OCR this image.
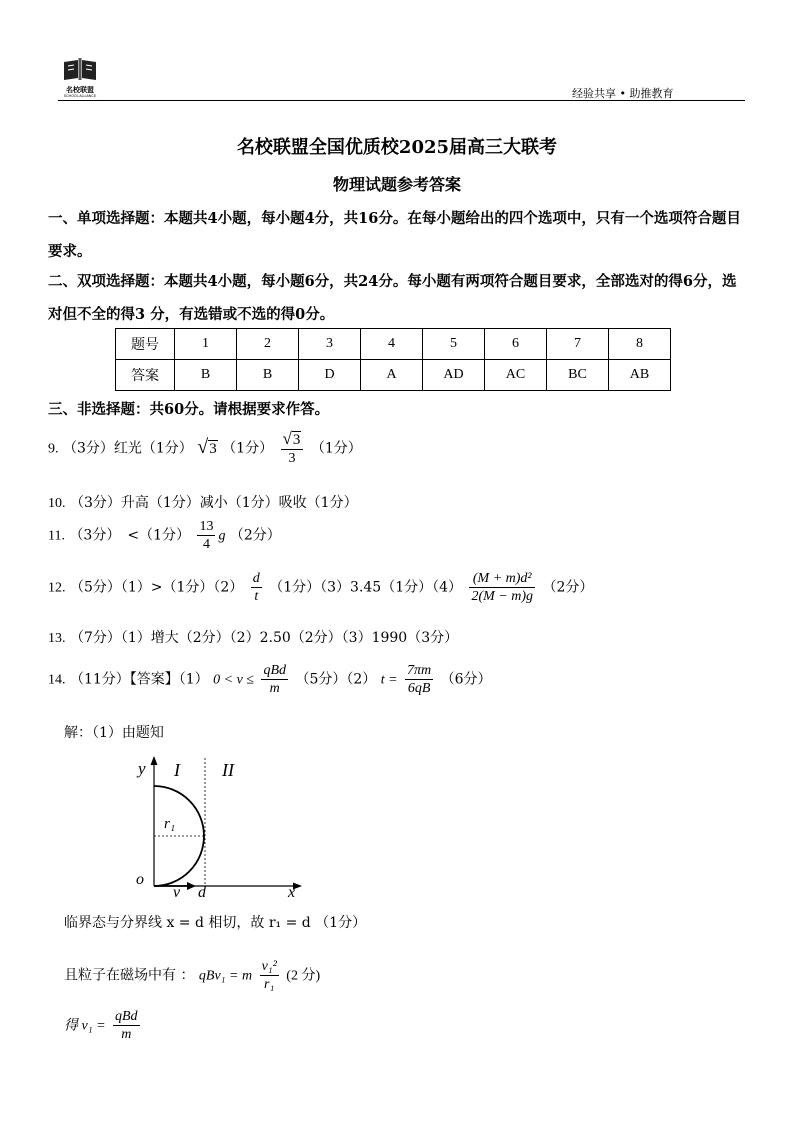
名校联盟
SCHOOL ALLIANCE	经验共享 • 助推教育
名校联盟全国优质校2025届高三大联考
物理试题参考答案
一、单项选择题：本题共4小题，每小题4分，共16分。在每小题给出的四个选项中，只有一个选项符合题目要求。
二、双项选择题：本题共4小题，每小题6分，共24分。每小题有两项符合题目要求，全部选对的得6分，选对但不全的得3 分，有选错或不选的得0分。
题号	1	2	3	4	5	6	7	8
答案	B	B	D	A	AD	AC	BC	AB
三、非选择题：共60分。请根据要求作答。
9. （3分）红光（1分） √3 （1分） $\frac{√3}{3} (1$分）
10. （3分）升高（1分）减小（1分）吸收（1分）
11. （3分）　<（1分） $\frac{13}{4}$ g （2分）
12. （5分）（1）>（1分）$(2) \frac{d}{t} (1$分）（3）3.45（1分）$(4) \frac{\text{(M + m)d²}}{2(M - m)g} (2$分）
13. （7分）（1）增大（2分）（2）2.50（2分）（3）1990（3分）
14. （11分）【答案】（1） $0 < v \le \frac{\text{qBd}}{m} (5$分）（2） $t = \frac{7\pi m}{6qB} (6$分）
解：（1）由题知
y I II
r₁
o
v d	x
临界态与分界线 x = d 相切，故 r₁ = d （1分）
且粒子在磁场中有 ： qBv₁ = m $\frac{\text{v₁²}}{\text{r₁}} (2$ 分)
得 $v_1 = \frac{\text{qBd}}{m}$
